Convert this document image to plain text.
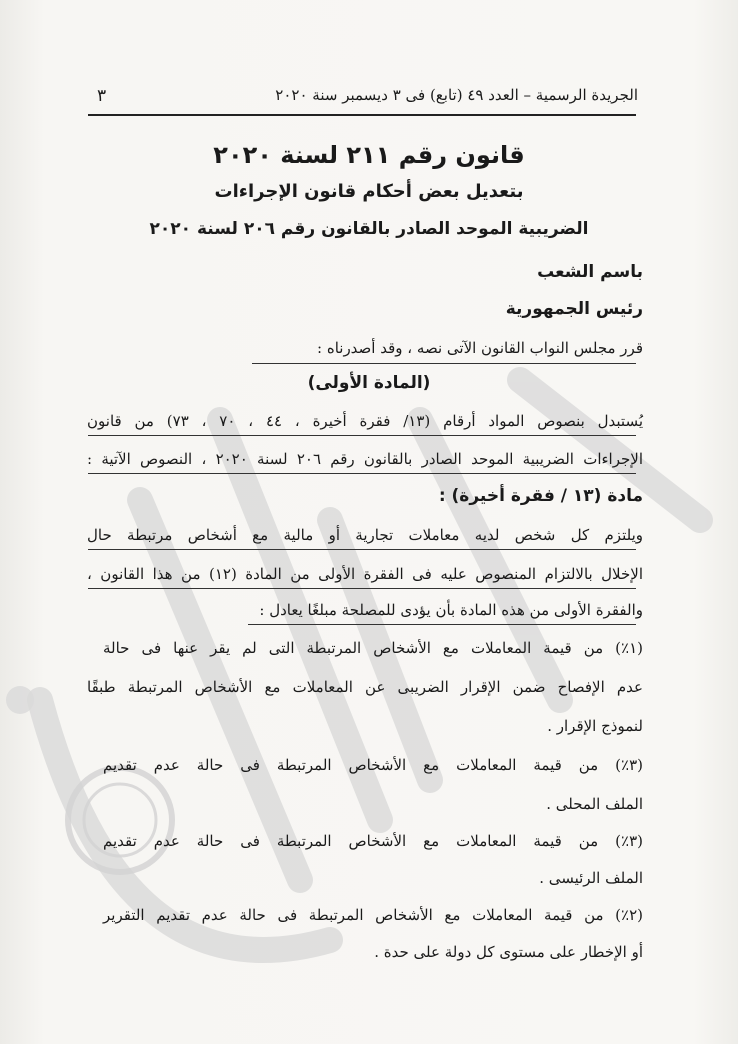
الجريدة الرسمية – العدد ٤٩ (تابع) فى ٣ ديسمبر سنة ٢٠٢٠
٣
قانون رقم ٢١١ لسنة ٢٠٢٠
بتعديل بعض أحكام قانون الإجراءات
الضريبية الموحد الصادر بالقانون رقم ٢٠٦ لسنة ٢٠٢٠
باسم الشعب
رئيس الجمهورية
قرر مجلس النواب القانون الآتى نصه ، وقد أصدرناه :
(المادة الأولى)
يُستبدل بنصوص المواد أرقام (١٣/ فقرة أخيرة ، ٤٤ ، ٧٠ ، ٧٣) من قانون
الإجراءات الضريبية الموحد الصادر بالقانون رقم ٢٠٦ لسنة ٢٠٢٠ ، النصوص الآتية :
مادة (١٣ / فقرة أخيرة) :
ويلتزم كل شخص لديه معاملات تجارية أو مالية مع أشخاص مرتبطة حال
الإخلال بالالتزام المنصوص عليه فى الفقرة الأولى من المادة (١٢) من هذا القانون ،
والفقرة الأولى من هذه المادة بأن يؤدى للمصلحة مبلغًا يعادل :
(١٪) من قيمة المعاملات مع الأشخاص المرتبطة التى لم يقر عنها فى حالة
عدم الإفصاح ضمن الإقرار الضريبى عن المعاملات مع الأشخاص المرتبطة طبقًا
لنموذج الإقرار .
(٣٪) من قيمة المعاملات مع الأشخاص المرتبطة فى حالة عدم تقديم
الملف المحلى .
(٣٪) من قيمة المعاملات مع الأشخاص المرتبطة فى حالة عدم تقديم
الملف الرئيسى .
(٢٪) من قيمة المعاملات مع الأشخاص المرتبطة فى حالة عدم تقديم التقرير
أو الإخطار على مستوى كل دولة على حدة .
